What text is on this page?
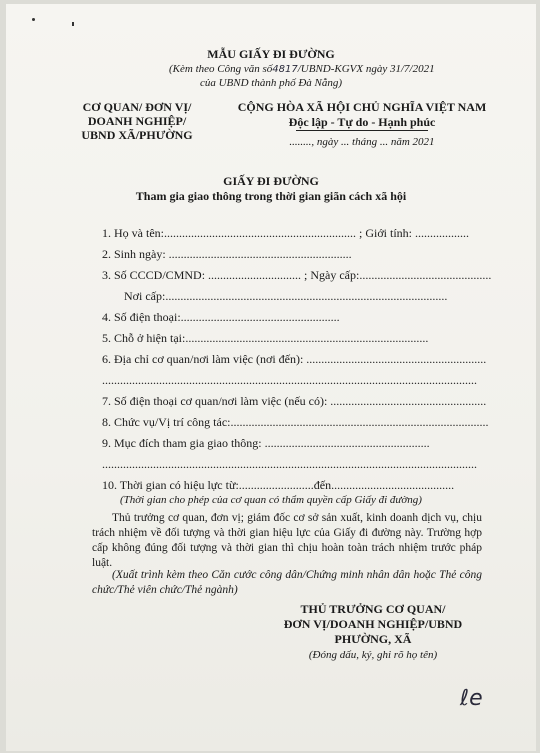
MẪU GIẤY ĐI ĐƯỜNG
(Kèm theo Công văn số4817/UBND-KGVX ngày 31/7/2021
của UBND thành phố Đà Nẵng)
CƠ QUAN/ ĐƠN VỊ/
DOANH NGHIỆP/
UBND XÃ/PHƯỜNG
CỘNG HÒA XÃ HỘI CHỦ NGHĨA VIỆT NAM
Độc lập - Tự do - Hạnh phúc
........, ngày ... tháng ... năm 2021
GIẤY ĐI ĐƯỜNG
Tham gia giao thông trong thời gian giãn cách xã hội
1. Họ và tên:................................................................ ; Giới tính: ..................
2. Sinh ngày: .............................................................
3. Số CCCD/CMND: ............................... ; Ngày cấp:............................................
Nơi cấp:..............................................................................................
4. Số điện thoại:.....................................................
5. Chỗ ở hiện tại:.................................................................................
6. Địa chỉ cơ quan/nơi làm việc (nơi đến): ............................................................
.............................................................................................................................
7. Số điện thoại cơ quan/nơi làm việc (nếu có): ....................................................
8. Chức vụ/Vị trí công tác:......................................................................................
9. Mục đích tham gia giao thông: .......................................................
.............................................................................................................................
10. Thời gian có hiệu lực từ:.........................đến.........................................
(Thời gian cho phép của cơ quan có thẩm quyền cấp Giấy đi đường)
Thủ trưởng cơ quan, đơn vị; giám đốc cơ sở sản xuất, kinh doanh dịch vụ, chịu trách nhiệm về đối tượng và thời gian hiệu lực của Giấy đi đường này. Trường hợp cấp không đúng đối tượng và thời gian thì chịu hoàn toàn trách nhiệm trước pháp luật.
(Xuất trình kèm theo Căn cước công dân/Chứng minh nhân dân hoặc Thẻ công chức/Thẻ viên chức/Thẻ ngành)
THỦ TRƯỞNG CƠ QUAN/
ĐƠN VỊ/DOANH NGHIỆP/UBND
PHƯỜNG, XÃ
(Đóng dấu, ký, ghi rõ họ tên)
ℓe
